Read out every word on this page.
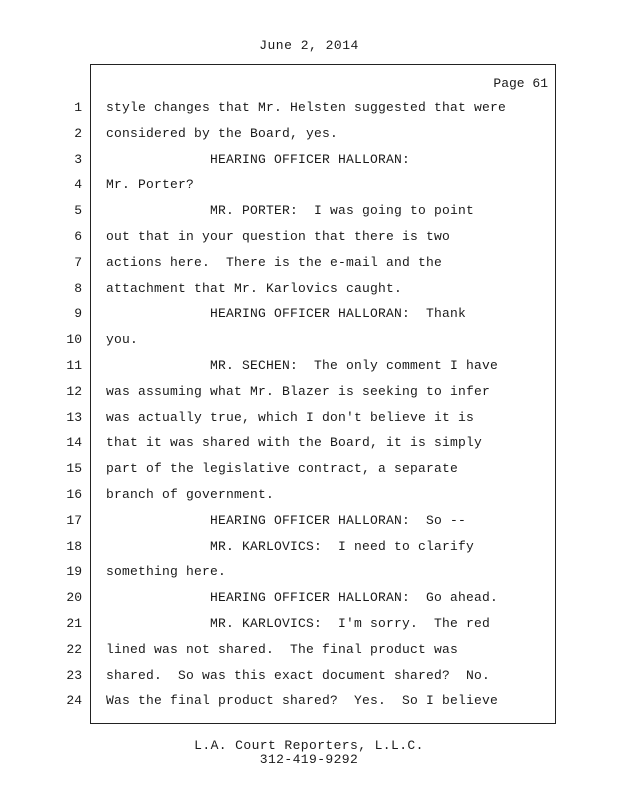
June 2, 2014
Page 61
1 style changes that Mr. Helsten suggested that were
2 considered by the Board, yes.
3 HEARING OFFICER HALLORAN:
4 Mr. Porter?
5 MR. PORTER:  I was going to point
6 out that in your question that there is two
7 actions here.  There is the e-mail and the
8 attachment that Mr. Karlovics caught.
9 HEARING OFFICER HALLORAN:  Thank
10 you.
11 MR. SECHEN:  The only comment I have
12 was assuming what Mr. Blazer is seeking to infer
13 was actually true, which I don't believe it is
14 that it was shared with the Board, it is simply
15 part of the legislative contract, a separate
16 branch of government.
17 HEARING OFFICER HALLORAN:  So --
18 MR. KARLOVICS:  I need to clarify
19 something here.
20 HEARING OFFICER HALLORAN:  Go ahead.
21 MR. KARLOVICS:  I'm sorry.  The red
22 lined was not shared.  The final product was
23 shared.  So was this exact document shared?  No.
24 Was the final product shared?  Yes.  So I believe
L.A. Court Reporters, L.L.C.
312-419-9292
